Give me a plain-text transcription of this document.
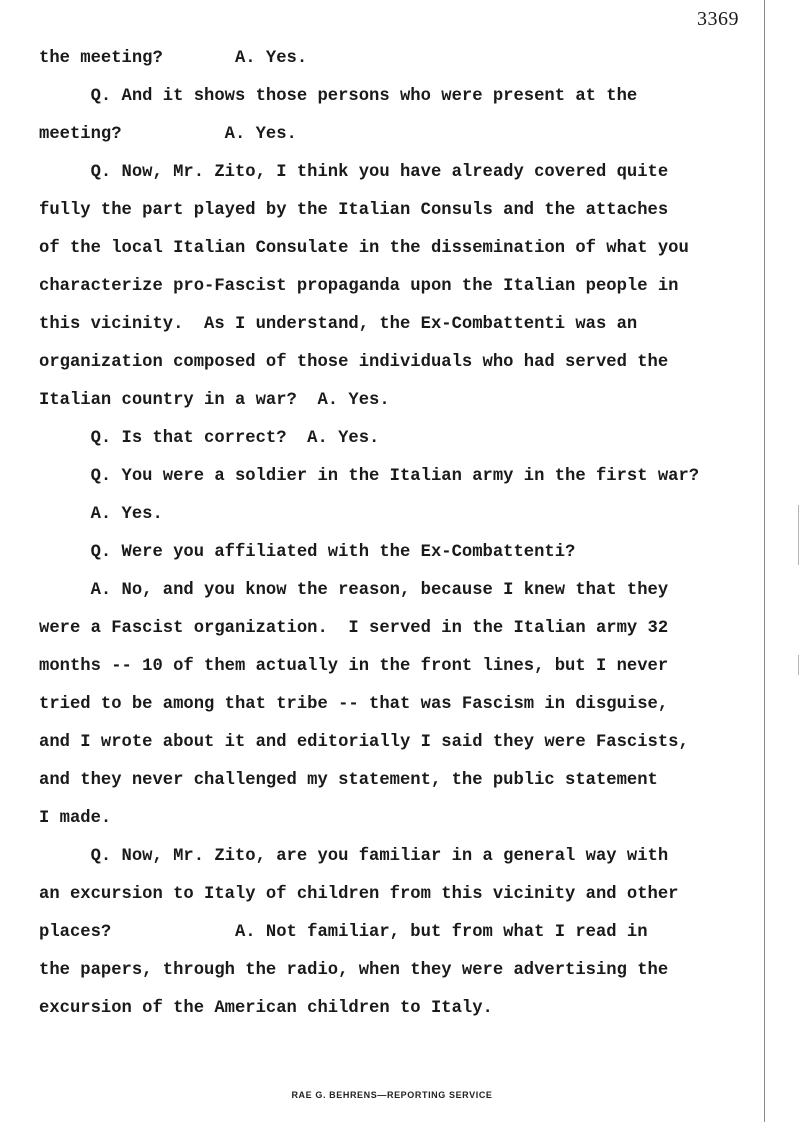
3369
the meeting?       A. Yes.
Q. And it shows those persons who were present at the
meeting?          A. Yes.
Q. Now, Mr. Zito, I think you have already covered quite
fully the part played by the Italian Consuls and the attaches
of the local Italian Consulate in the dissemination of what you
characterize pro-Fascist propaganda upon the Italian people in
this vicinity.  As I understand, the Ex-Combattenti was an
organization composed of those individuals who had served the
Italian country in a war?  A. Yes.
Q. Is that correct?  A. Yes.
Q. You were a soldier in the Italian army in the first war?
A. Yes.
Q. Were you affiliated with the Ex-Combattenti?
A. No, and you know the reason, because I knew that they
were a Fascist organization.  I served in the Italian army 32
months -- 10 of them actually in the front lines, but I never
tried to be among that tribe -- that was Fascism in disguise,
and I wrote about it and editorially I said they were Fascists,
and they never challenged my statement, the public statement
I made.
Q. Now, Mr. Zito, are you familiar in a general way with
an excursion to Italy of children from this vicinity and other
places?            A. Not familiar, but from what I read in
the papers, through the radio, when they were advertising the
excursion of the American children to Italy.
RAE G. BEHRENS—REPORTING SERVICE
